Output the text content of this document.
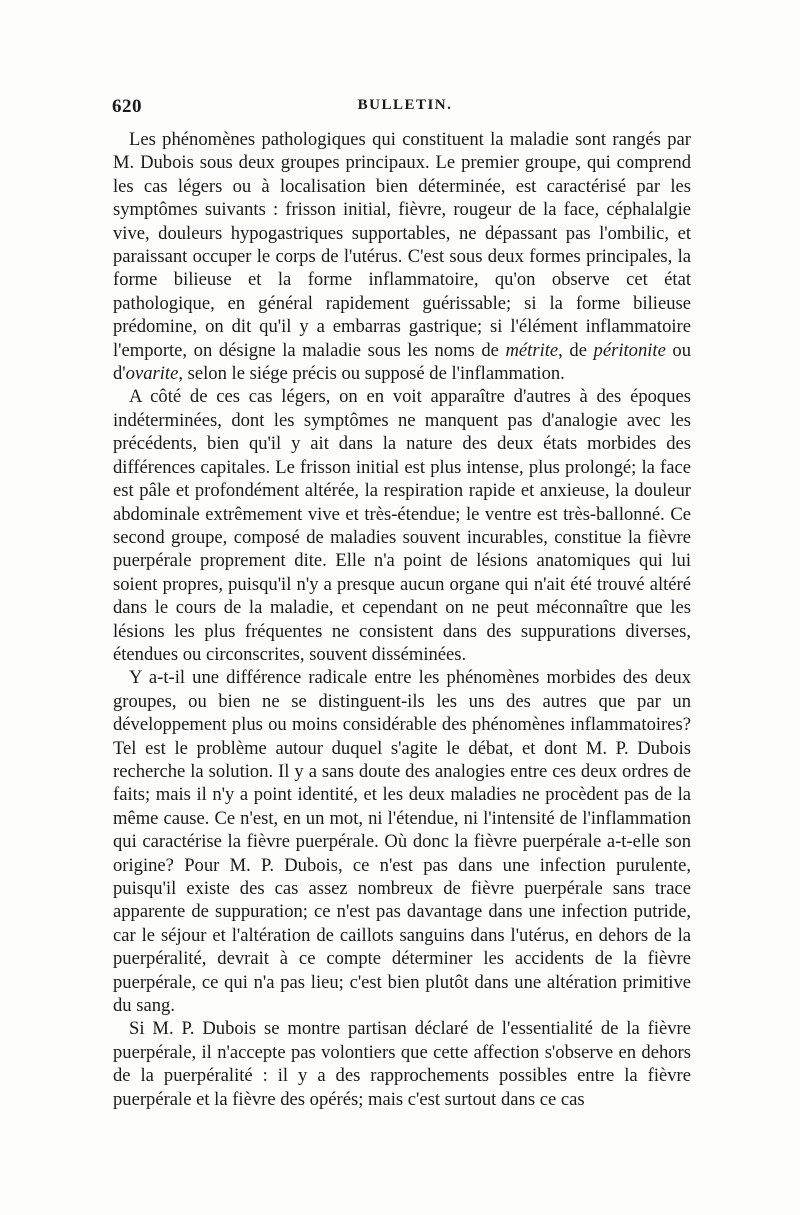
620	BULLETIN.

Les phénomènes pathologiques qui constituent la maladie sont rangés par M. Dubois sous deux groupes principaux. Le premier groupe, qui comprend les cas légers ou à localisation bien déterminée, est caractérisé par les symptômes suivants : frisson initial, fièvre, rougeur de la face, céphalalgie vive, douleurs hypogastriques supportables, ne dépassant pas l'ombilic, et paraissant occuper le corps de l'utérus. C'est sous deux formes principales, la forme bilieuse et la forme inflammatoire, qu'on observe cet état pathologique, en général rapidement guérissable; si la forme bilieuse prédomine, on dit qu'il y a embarras gastrique; si l'élément inflammatoire l'emporte, on désigne la maladie sous les noms de métrite, de péritonite ou d'ovarite, selon le siége précis ou supposé de l'inflammation.

A côté de ces cas légers, on en voit apparaître d'autres à des époques indéterminées, dont les symptômes ne manquent pas d'analogie avec les précédents, bien qu'il y ait dans la nature des deux états morbides des différences capitales. Le frisson initial est plus intense, plus prolongé; la face est pâle et profondément altérée, la respiration rapide et anxieuse, la douleur abdominale extrêmement vive et très-étendue; le ventre est très-ballonné. Ce second groupe, composé de maladies souvent incurables, constitue la fièvre puerpérale proprement dite. Elle n'a point de lésions anatomiques qui lui soient propres, puisqu'il n'y a presque aucun organe qui n'ait été trouvé altéré dans le cours de la maladie, et cependant on ne peut méconnaître que les lésions les plus fréquentes ne consistent dans des suppurations diverses, étendues ou circonscrites, souvent disséminées.

Y a-t-il une différence radicale entre les phénomènes morbides des deux groupes, ou bien ne se distinguent-ils les uns des autres que par un développement plus ou moins considérable des phénomènes inflammatoires? Tel est le problème autour duquel s'agite le débat, et dont M. P. Dubois recherche la solution. Il y a sans doute des analogies entre ces deux ordres de faits; mais il n'y a point identité, et les deux maladies ne procèdent pas de la même cause. Ce n'est, en un mot, ni l'étendue, ni l'intensité de l'inflammation qui caractérise la fièvre puerpérale. Où donc la fièvre puerpérale a-t-elle son origine? Pour M. P. Dubois, ce n'est pas dans une infection purulente, puisqu'il existe des cas assez nombreux de fièvre puerpérale sans trace apparente de suppuration; ce n'est pas davantage dans une infection putride, car le séjour et l'altération de caillots sanguins dans l'utérus, en dehors de la puerpéralité, devrait à ce compte déterminer les accidents de la fièvre puerpérale, ce qui n'a pas lieu; c'est bien plutôt dans une altération primitive du sang.

Si M. P. Dubois se montre partisan déclaré de l'essentialité de la fièvre puerpérale, il n'accepte pas volontiers que cette affection s'observe en dehors de la puerpéralité : il y a des rapprochements possibles entre la fièvre puerpérale et la fièvre des opérés; mais c'est surtout dans ce cas
